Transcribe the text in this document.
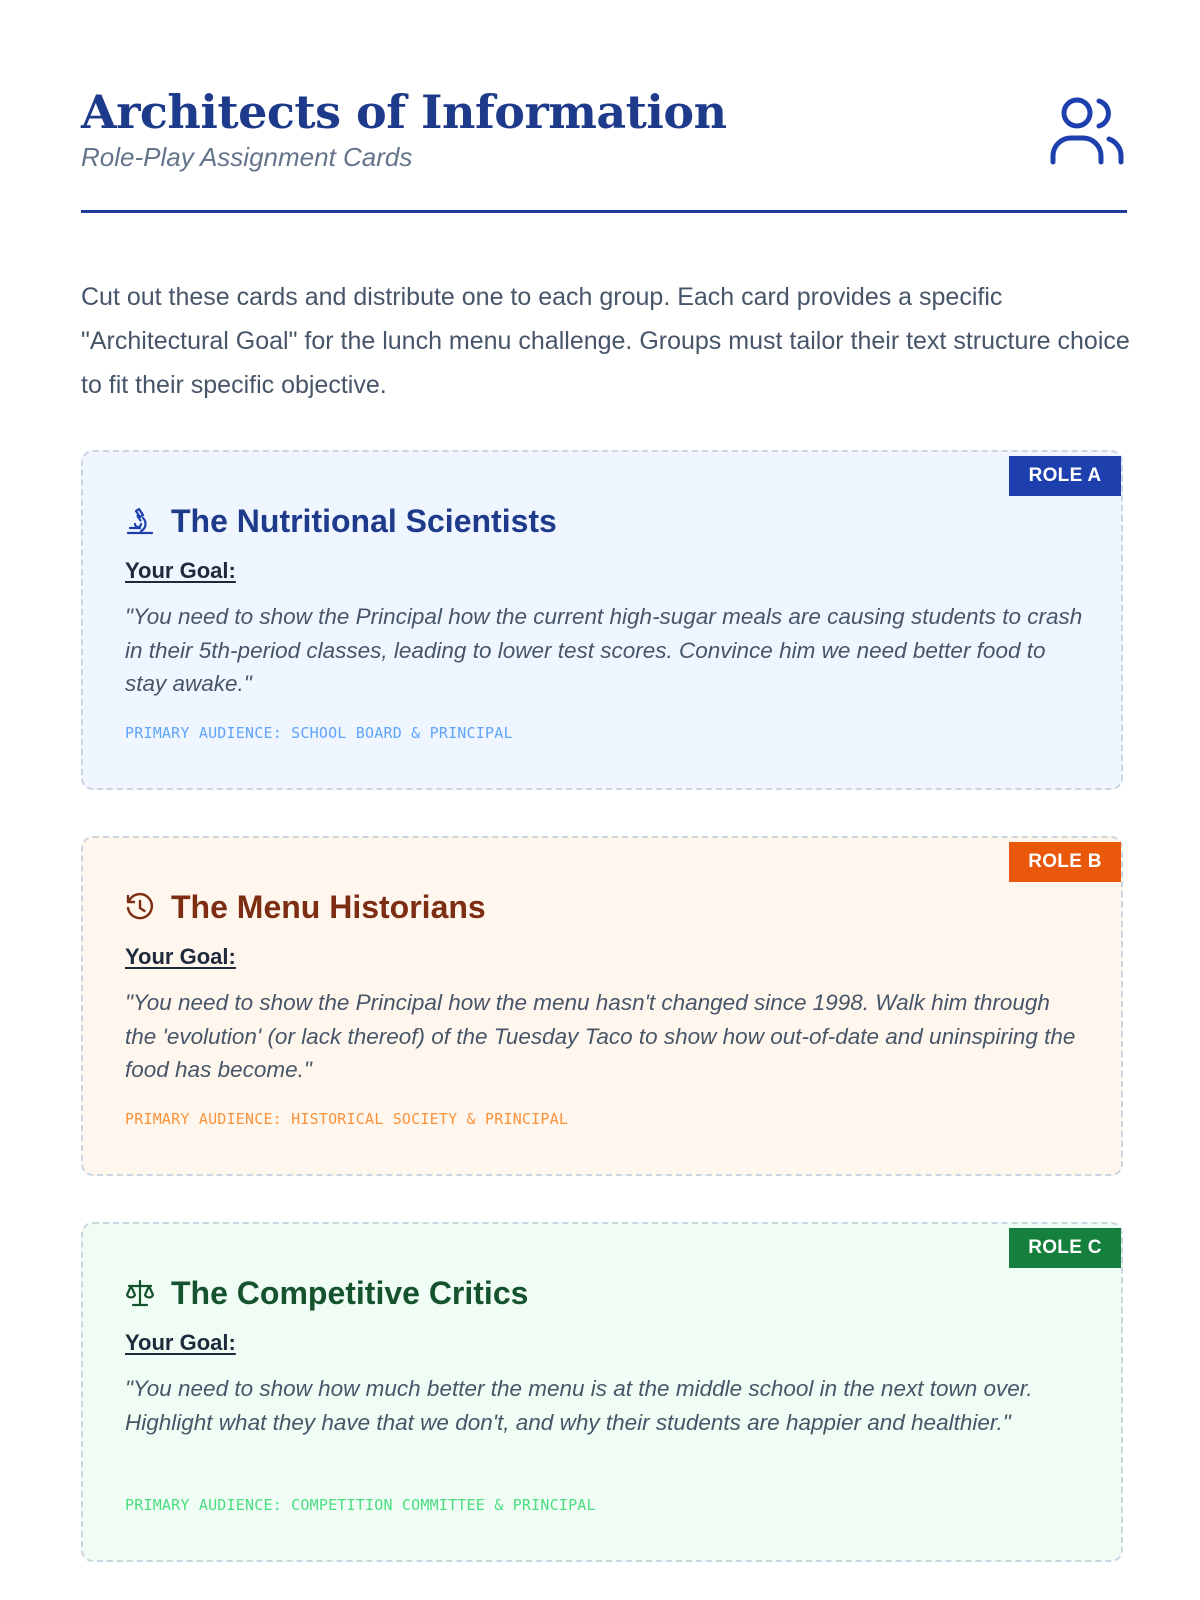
Architects of Information
Role-Play Assignment Cards
Cut out these cards and distribute one to each group. Each card provides a specific "Architectural Goal" for the lunch menu challenge. Groups must tailor their text structure choice to fit their specific objective.
ROLE A
The Nutritional Scientists
Your Goal:
"You need to show the Principal how the current high-sugar meals are causing students to crash in their 5th-period classes, leading to lower test scores. Convince him we need better food to stay awake."
PRIMARY AUDIENCE: SCHOOL BOARD & PRINCIPAL
ROLE B
The Menu Historians
Your Goal:
"You need to show the Principal how the menu hasn't changed since 1998. Walk him through the 'evolution' (or lack thereof) of the Tuesday Taco to show how out-of-date and uninspiring the food has become."
PRIMARY AUDIENCE: HISTORICAL SOCIETY & PRINCIPAL
ROLE C
The Competitive Critics
Your Goal:
"You need to show how much better the menu is at the middle school in the next town over. Highlight what they have that we don't, and why their students are happier and healthier."
PRIMARY AUDIENCE: COMPETITION COMMITTEE & PRINCIPAL
